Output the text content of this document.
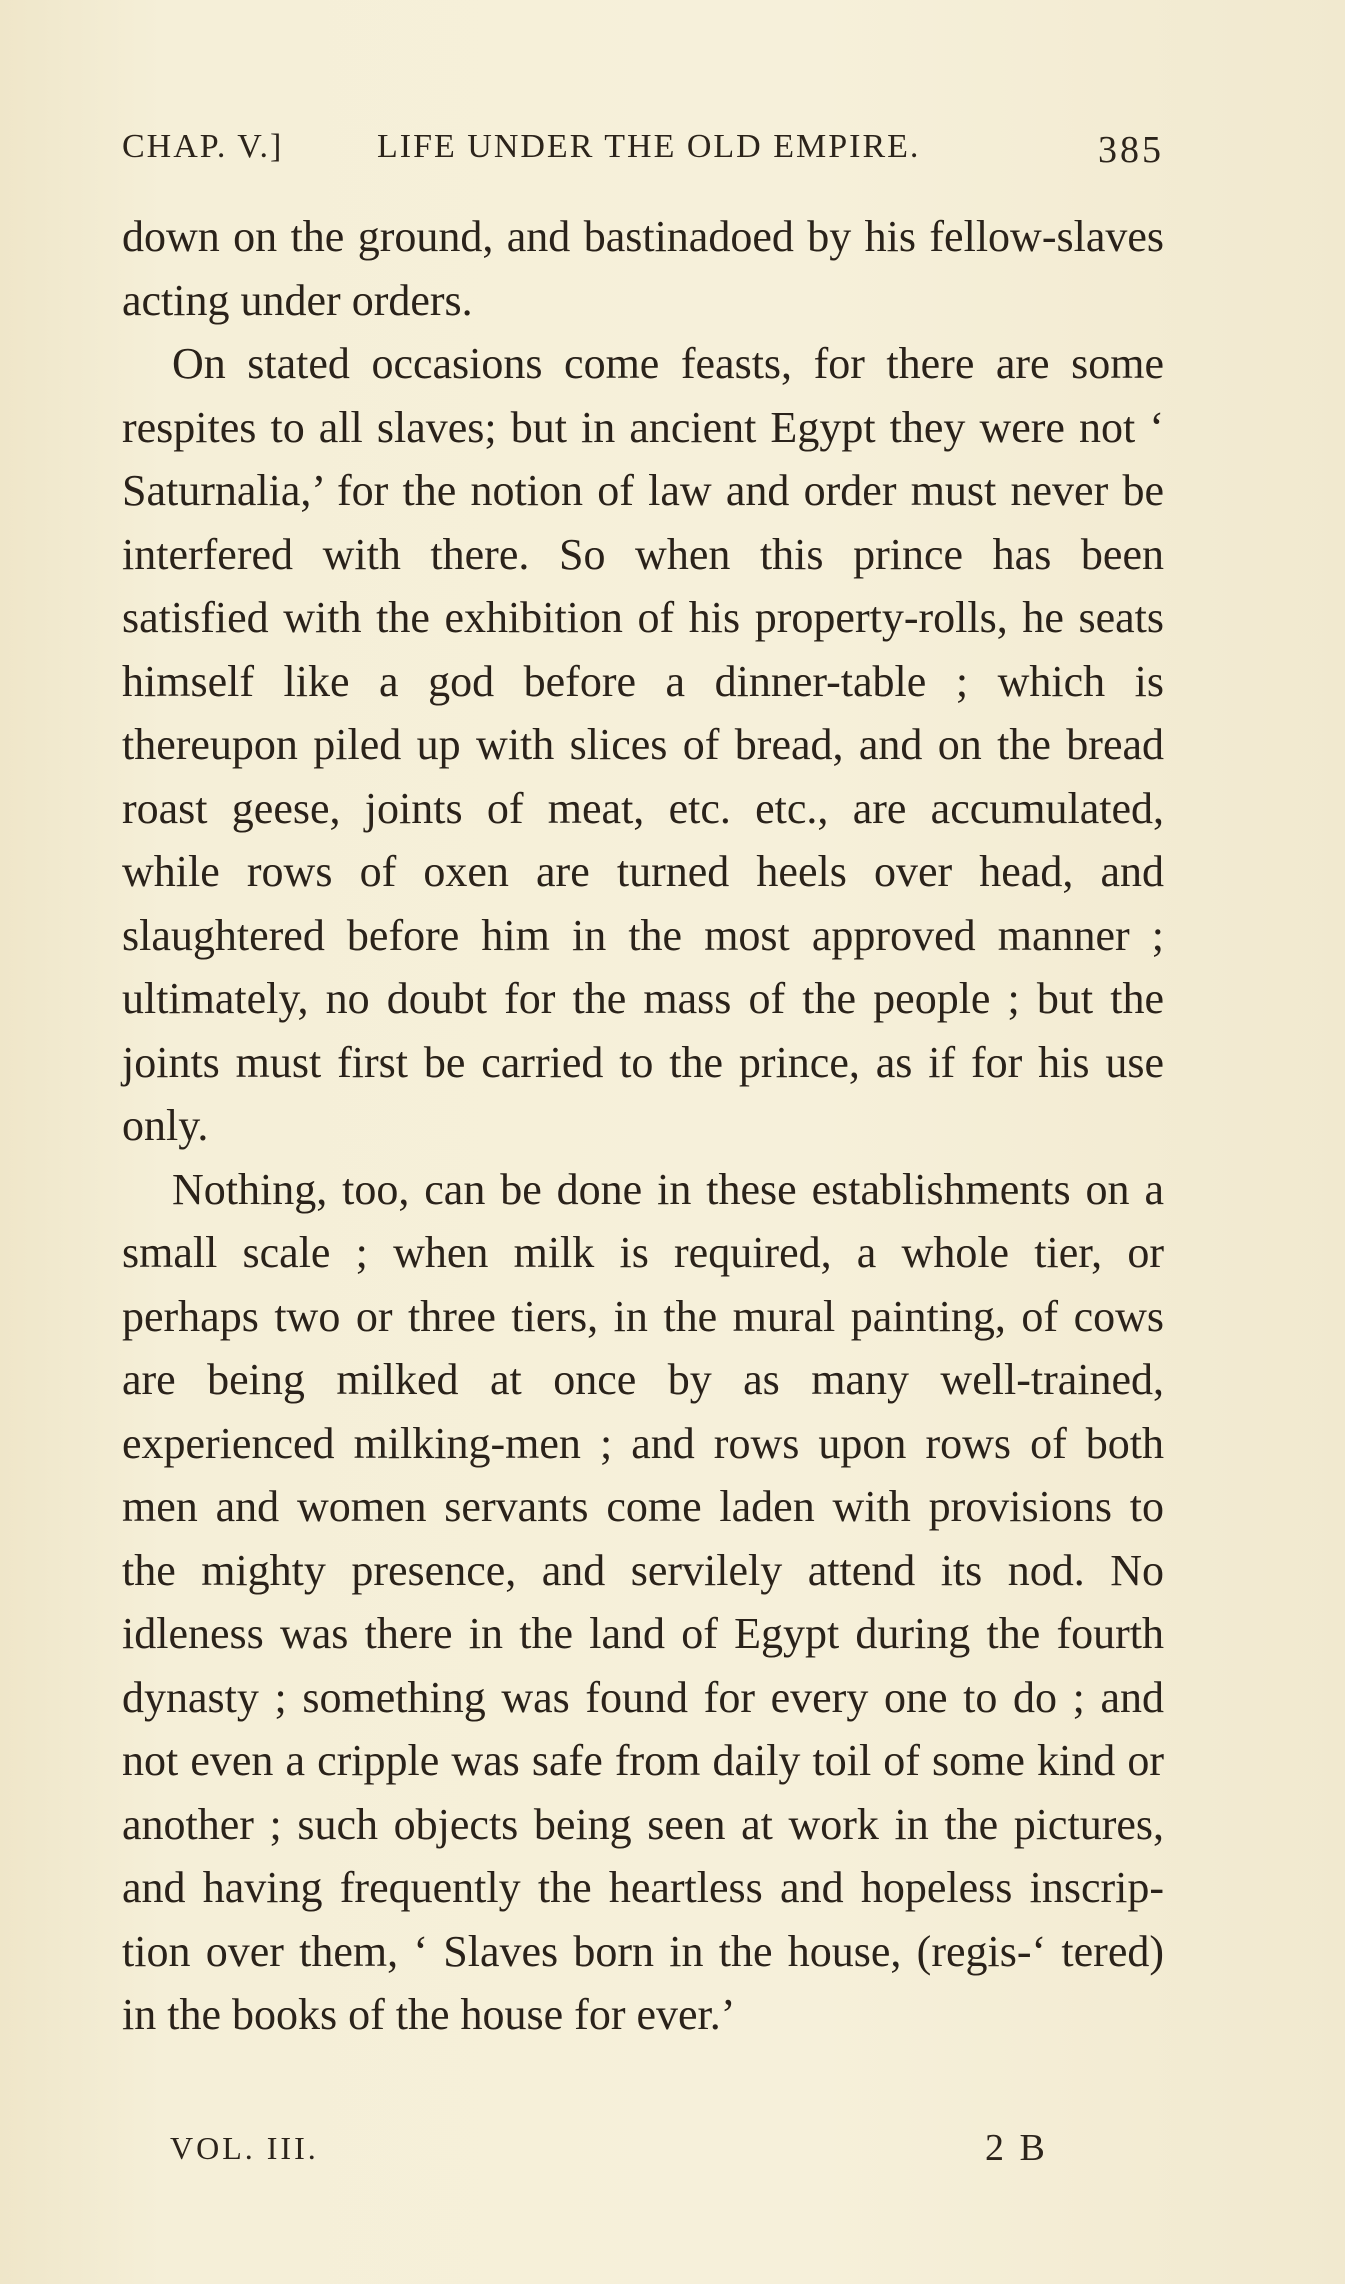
CHAP. V.]	LIFE UNDER THE OLD EMPIRE.	385

down on the ground, and bastinadoed by his fellow-slaves acting under orders.

On stated occasions come feasts, for there are some respites to all slaves; but in ancient Egypt they were not ‘ Saturnalia,’ for the notion of law and order must never be interfered with there. So when this prince has been satisfied with the exhibition of his property-rolls, he seats himself like a god before a dinner-table ; which is thereupon piled up with slices of bread, and on the bread roast geese, joints of meat, etc. etc., are accumulated, while rows of oxen are turned heels over head, and slaughtered before him in the most approved manner ; ultimately, no doubt for the mass of the people ; but the joints must first be carried to the prince, as if for his use only.

Nothing, too, can be done in these establishments on a small scale ; when milk is required, a whole tier, or perhaps two or three tiers, in the mural painting, of cows are being milked at once by as many well-trained, experienced milking-men ; and rows upon rows of both men and women servants come laden with provisions to the mighty presence, and servilely attend its nod. No idleness was there in the land of Egypt during the fourth dynasty ; something was found for every one to do ; and not even a cripple was safe from daily toil of some kind or another ; such objects being seen at work in the pictures, and having frequently the heartless and hopeless inscrip-tion over them, ‘ Slaves born in the house, (regis-‘ tered) in the books of the house for ever.’

VOL. III.	2 B
